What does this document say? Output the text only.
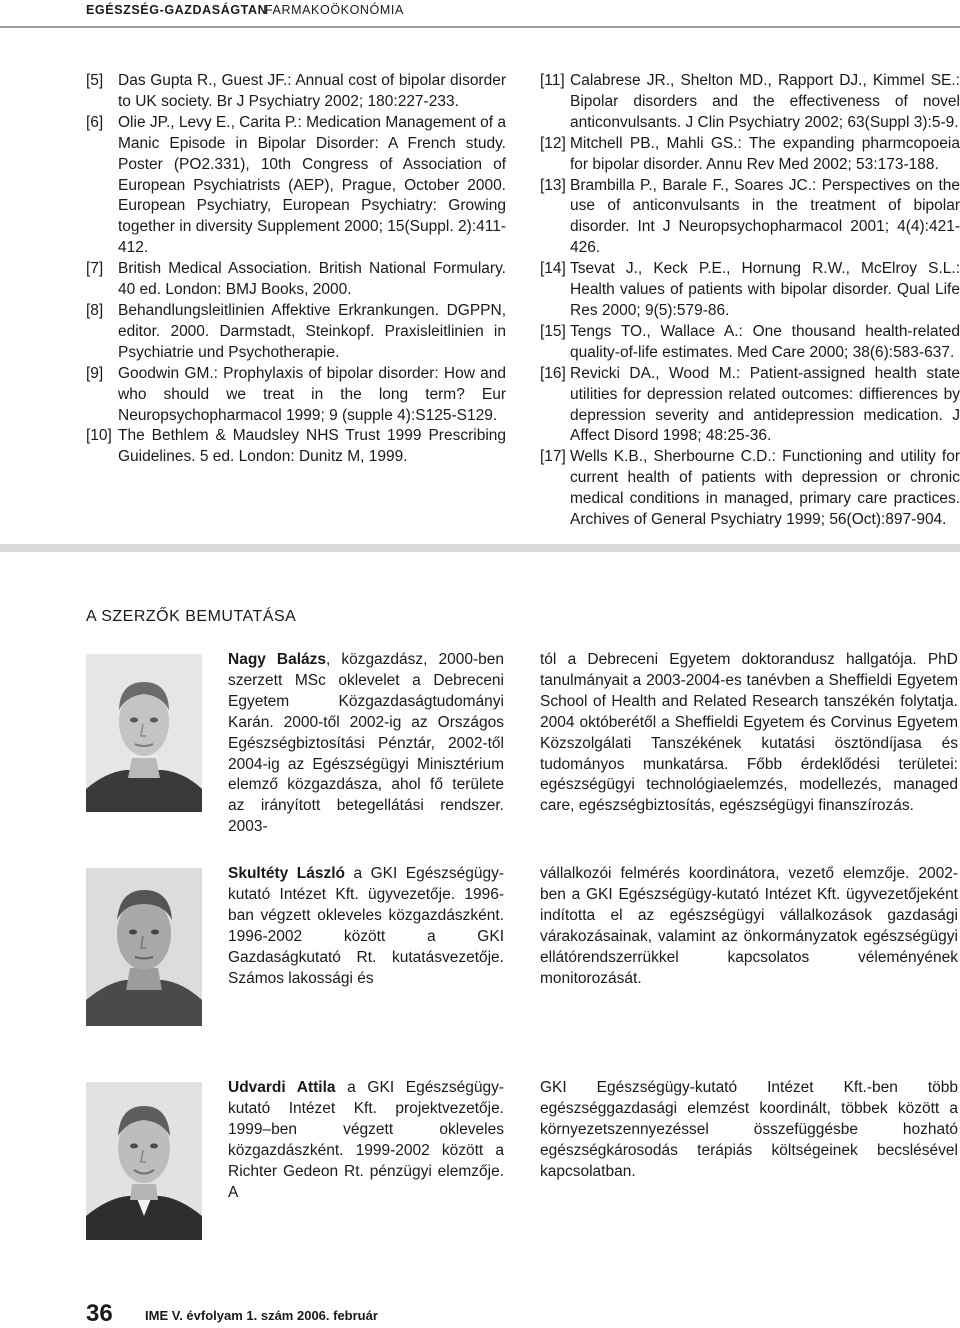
EGÉSZSÉG-GAZDASÁGTAN
FARMAKOÖKONÓMIA

[5] Das Gupta R., Guest JF.: Annual cost of bipolar disorder to UK society. Br J Psychiatry 2002; 180:227-233.

[6] Olie JP., Levy E., Carita P.: Medication Management of a Manic Episode in Bipolar Disorder: A French study. Poster (PO2.331), 10th Congress of Association of European Psychiatrists (AEP), Prague, October 2000. European Psychiatry, European Psychiatry: Growing together in diversity Supplement 2000; 15(Suppl. 2):411-412.

[7] British Medical Association. British National Formulary. 40 ed. London: BMJ Books, 2000.

[8] Behandlungsleitlinien Affektive Erkrankungen. DGPPN, editor. 2000. Darmstadt, Steinkopf. Praxisleitlinien in Psychiatrie und Psychotherapie.

[9] Goodwin GM.: Prophylaxis of bipolar disorder: How and who should we treat in the long term? Eur Neuropsychopharmacol 1999; 9 (supple 4):S125-S129.

[10] The Bethlem & Maudsley NHS Trust 1999 Prescribing Guidelines. 5 ed. London: Dunitz M, 1999.

[11] Calabrese JR., Shelton MD., Rapport DJ., Kimmel SE.: Bipolar disorders and the effectiveness of novel anticonvulsants. J Clin Psychiatry 2002; 63(Suppl 3):5-9.

[12] Mitchell PB., Mahli GS.: The expanding pharmcopoeia for bipolar disorder. Annu Rev Med 2002; 53:173-188.

[13] Brambilla P., Barale F., Soares JC.: Perspectives on the use of anticonvulsants in the treatment of bipolar disorder. Int J Neuropsychopharmacol 2001; 4(4):421-426.

[14] Tsevat J., Keck P.E., Hornung R.W., McElroy S.L.: Health values of patients with bipolar disorder. Qual Life Res 2000; 9(5):579-86.

[15] Tengs TO., Wallace A.: One thousand health-related quality-of-life estimates. Med Care 2000; 38(6):583-637.

[16] Revicki DA., Wood M.: Patient-assigned health state utilities for depression related outcomes: diffierences by depression severity and antidepression medication. J Affect Disord 1998; 48:25-36.

[17] Wells K.B., Sherbourne C.D.: Functioning and utility for current health of patients with depression or chronic medical conditions in managed, primary care practices. Archives of General Psychiatry 1999; 56(Oct):897-904.

A SZERZŐK BEMUTATÁSA
Nagy Balázs, közgazdász, 2000-ben szerzett MSc oklevelet a Debreceni Egyetem Közgazdaságtudományi Karán. 2000-től 2002-ig az Országos Egészségbiztosítási Pénztár, 2002-től 2004-ig az Egészségügyi Minisztérium elemző közgazdásza, ahol fő területe az irányított betegellátási rendszer. 2003-
tól a Debreceni Egyetem doktorandusz hallgatója. PhD tanulmányait a 2003-2004-es tanévben a Sheffieldi Egyetem School of Health and Related Research tanszékén folytatja. 2004 októberétől a Sheffieldi Egyetem és Corvinus Egyetem Közszolgálati Tanszékének kutatási ösztöndíjasa és tudományos munkatársa. Főbb érdeklődési területei: egészségügyi technológiaelemzés, modellezés, managed care, egészségbiztosítás, egészségügyi finanszírozás.
Skultéty László a GKI Egészségügy-kutató Intézet Kft. ügyvezetője. 1996-ban végzett okleveles közgazdászként. 1996-2002 között a GKI Gazdaságkutató Rt. kutatásvezetője. Számos lakossági és
vállalkozói felmérés koordinátora, vezető elemzője. 2002-ben a GKI Egészségügy-kutató Intézet Kft. ügyvezetőjeként indította el az egészségügyi vállalkozások gazdasági várakozásainak, valamint az önkormányzatok egészségügyi ellátórendszerrükkel kapcsolatos véleményének monitorozását.
Udvardi Attila a GKI Egészségügy-kutató Intézet Kft. projektvezetője. 1999–ben végzett okleveles közgazdászként. 1999-2002 között a Richter Gedeon Rt. pénzügyi elemzője. A
GKI Egészségügy-kutató Intézet Kft.-ben több egészséggazdasági elemzést koordinált, többek között a környezetszennyezéssel összefüggésbe hozható egészségkárosodás terápiás költségeinek becslésével kapcsolatban.
36 IME V. évfolyam 1. szám 2006. február
